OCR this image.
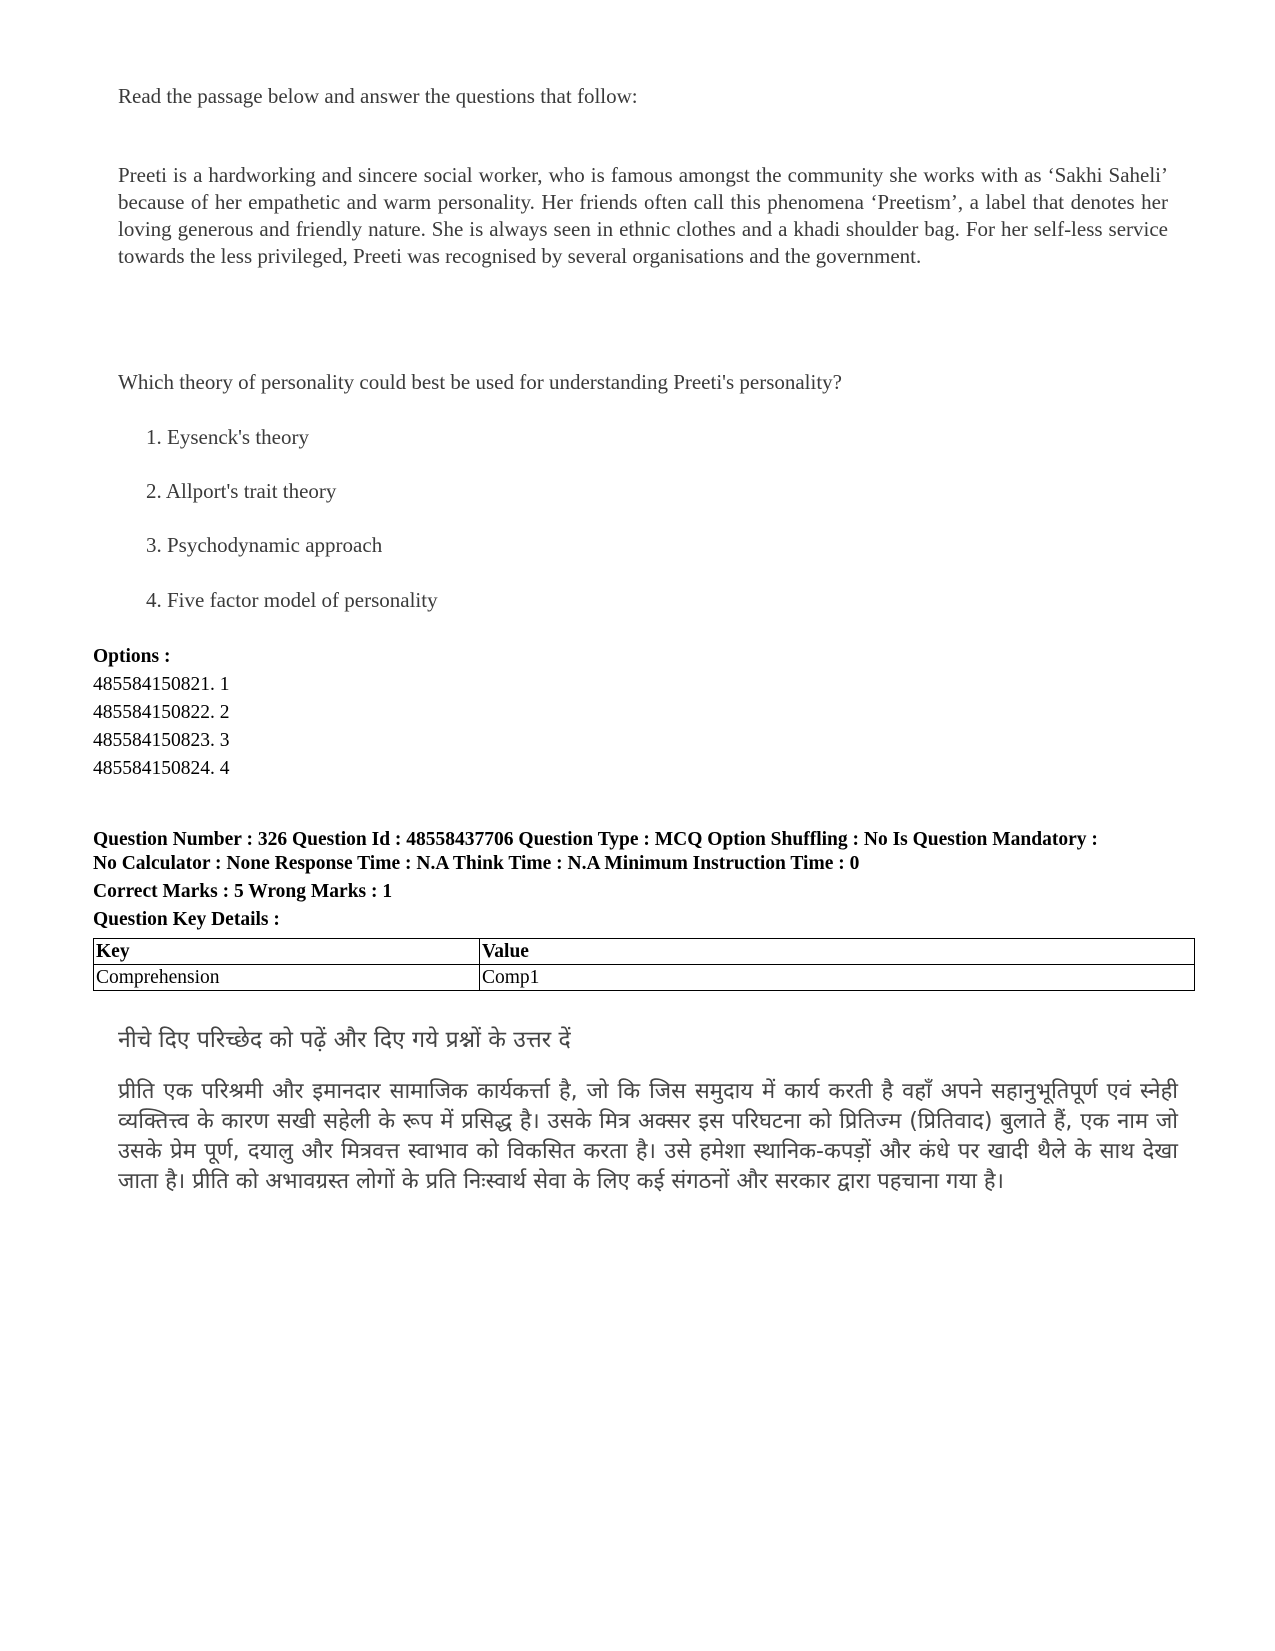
Read the passage below and answer the questions that follow:
Preeti is a hardworking and sincere social worker, who is famous amongst the community she works with as ‘Sakhi Saheli’ because of her empathetic and warm personality. Her friends often call this phenomena ‘Preetism’, a label that denotes her loving generous and friendly nature. She is always seen in ethnic clothes and a khadi shoulder bag. For her self-less service towards the less privileged, Preeti was recognised by several organisations and the government.
Which theory of personality could best be used for understanding Preeti's personality?
1. Eysenck's theory
2. Allport's trait theory
3. Psychodynamic approach
4. Five factor model of personality
Options :
485584150821. 1
485584150822. 2
485584150823. 3
485584150824. 4
Question Number : 326 Question Id : 48558437706 Question Type : MCQ Option Shuffling : No Is Question Mandatory :
No Calculator : None Response Time : N.A Think Time : N.A Minimum Instruction Time : 0
Correct Marks : 5 Wrong Marks : 1
Question Key Details :
Key	Value
Comprehension	Comp1
नीचे दिए परिच्छेद को पढ़ें और दिए गये प्रश्नों के उत्तर दें
प्रीति एक परिश्रमी और इमानदार सामाजिक कार्यकर्त्ता है, जो कि जिस समुदाय में कार्य करती है वहाँ अपने सहानुभूतिपूर्ण एवं स्नेही व्यक्तित्त्व के कारण सखी सहेली के रूप में प्रसिद्ध है। उसके मित्र अक्सर इस परिघटना को प्रितिज्म (प्रितिवाद) बुलाते हैं, एक नाम जो उसके प्रेम पूर्ण, दयालु और मित्रवत्त स्वाभाव को विकसित करता है। उसे हमेशा स्थानिक-कपड़ों और कंधे पर खादी थैले के साथ देखा जाता है। प्रीति को अभावग्रस्त लोगों के प्रति निःस्वार्थ सेवा के लिए कई संगठनों और सरकार द्वारा पहचाना गया है।
